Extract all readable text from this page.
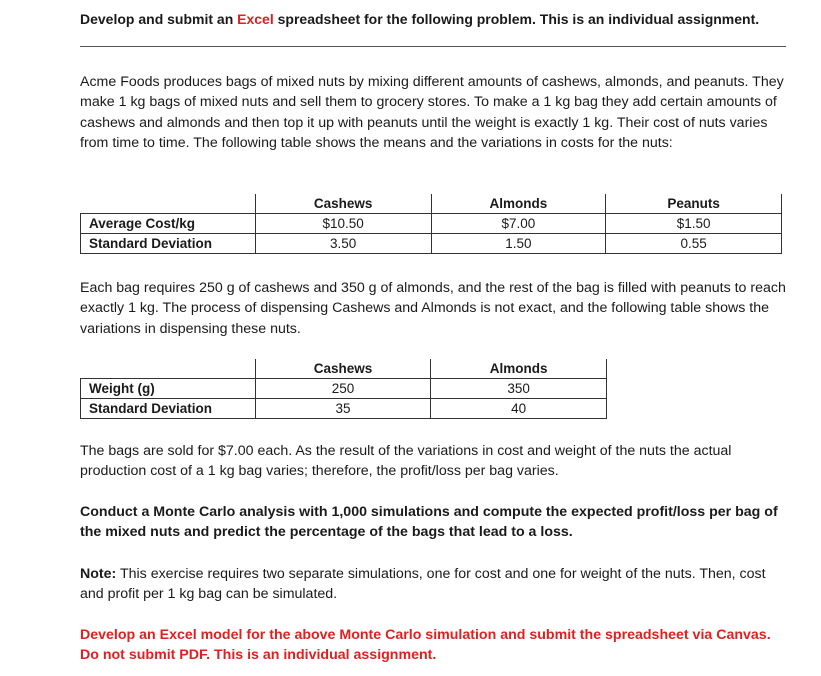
Develop and submit an Excel spreadsheet for the following problem. This is an individual assignment.
Acme Foods produces bags of mixed nuts by mixing different amounts of cashews, almonds, and peanuts. They make 1 kg bags of mixed nuts and sell them to grocery stores. To make a 1 kg bag they add certain amounts of cashews and almonds and then top it up with peanuts until the weight is exactly 1 kg. Their cost of nuts varies from time to time. The following table shows the means and the variations in costs for the nuts:
	Cashews	Almonds	Peanuts
Average Cost/kg	$10.50	$7.00	$1.50
Standard Deviation	3.50	1.50	0.55
Each bag requires 250 g of cashews and 350 g of almonds, and the rest of the bag is filled with peanuts to reach exactly 1 kg. The process of dispensing Cashews and Almonds is not exact, and the following table shows the variations in dispensing these nuts.
	Cashews	Almonds
Weight (g)	250	350
Standard Deviation	35	40
The bags are sold for $7.00 each. As the result of the variations in cost and weight of the nuts the actual production cost of a 1 kg bag varies; therefore, the profit/loss per bag varies.
Conduct a Monte Carlo analysis with 1,000 simulations and compute the expected profit/loss per bag of the mixed nuts and predict the percentage of the bags that lead to a loss.
Note: This exercise requires two separate simulations, one for cost and one for weight of the nuts. Then, cost and profit per 1 kg bag can be simulated.
Develop an Excel model for the above Monte Carlo simulation and submit the spreadsheet via Canvas. Do not submit PDF. This is an individual assignment.
